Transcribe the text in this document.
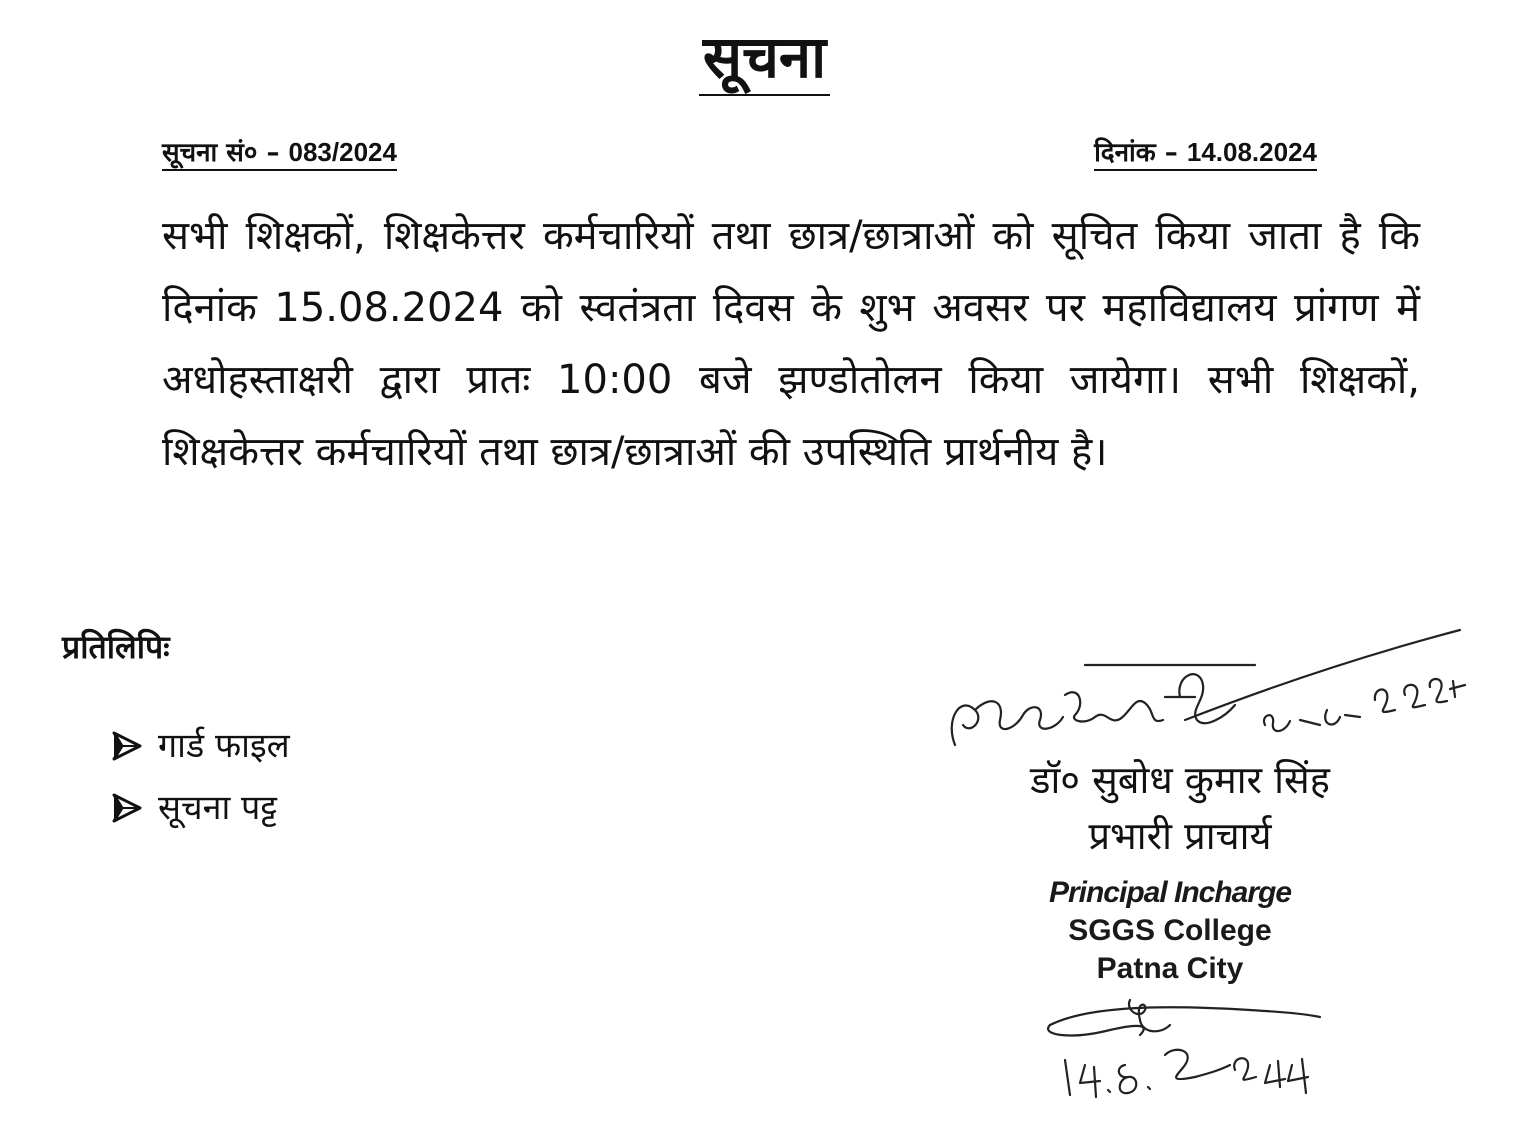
सूचना
सूचना सं० – 083/2024	दिनांक – 14.08.2024
सभी शिक्षकों, शिक्षकेत्तर कर्मचारियों तथा छात्र/छात्राओं को सूचित किया जाता है कि दिनांक 15.08.2024 को स्वतंत्रता दिवस के शुभ अवसर पर महाविद्यालय प्रांगण में अधोहस्ताक्षरी द्वारा प्रातः 10:00 बजे झण्डोतोलन किया जायेगा। सभी शिक्षकों, शिक्षकेत्तर कर्मचारियों तथा छात्र/छात्राओं की उपस्थिति प्रार्थनीय है।
प्रतिलिपिः
गार्ड फाइल
सूचना पट्ट
डॉ० सुबोध कुमार सिंह
प्रभारी प्राचार्य
Principal Incharge
SGGS College
Patna City
